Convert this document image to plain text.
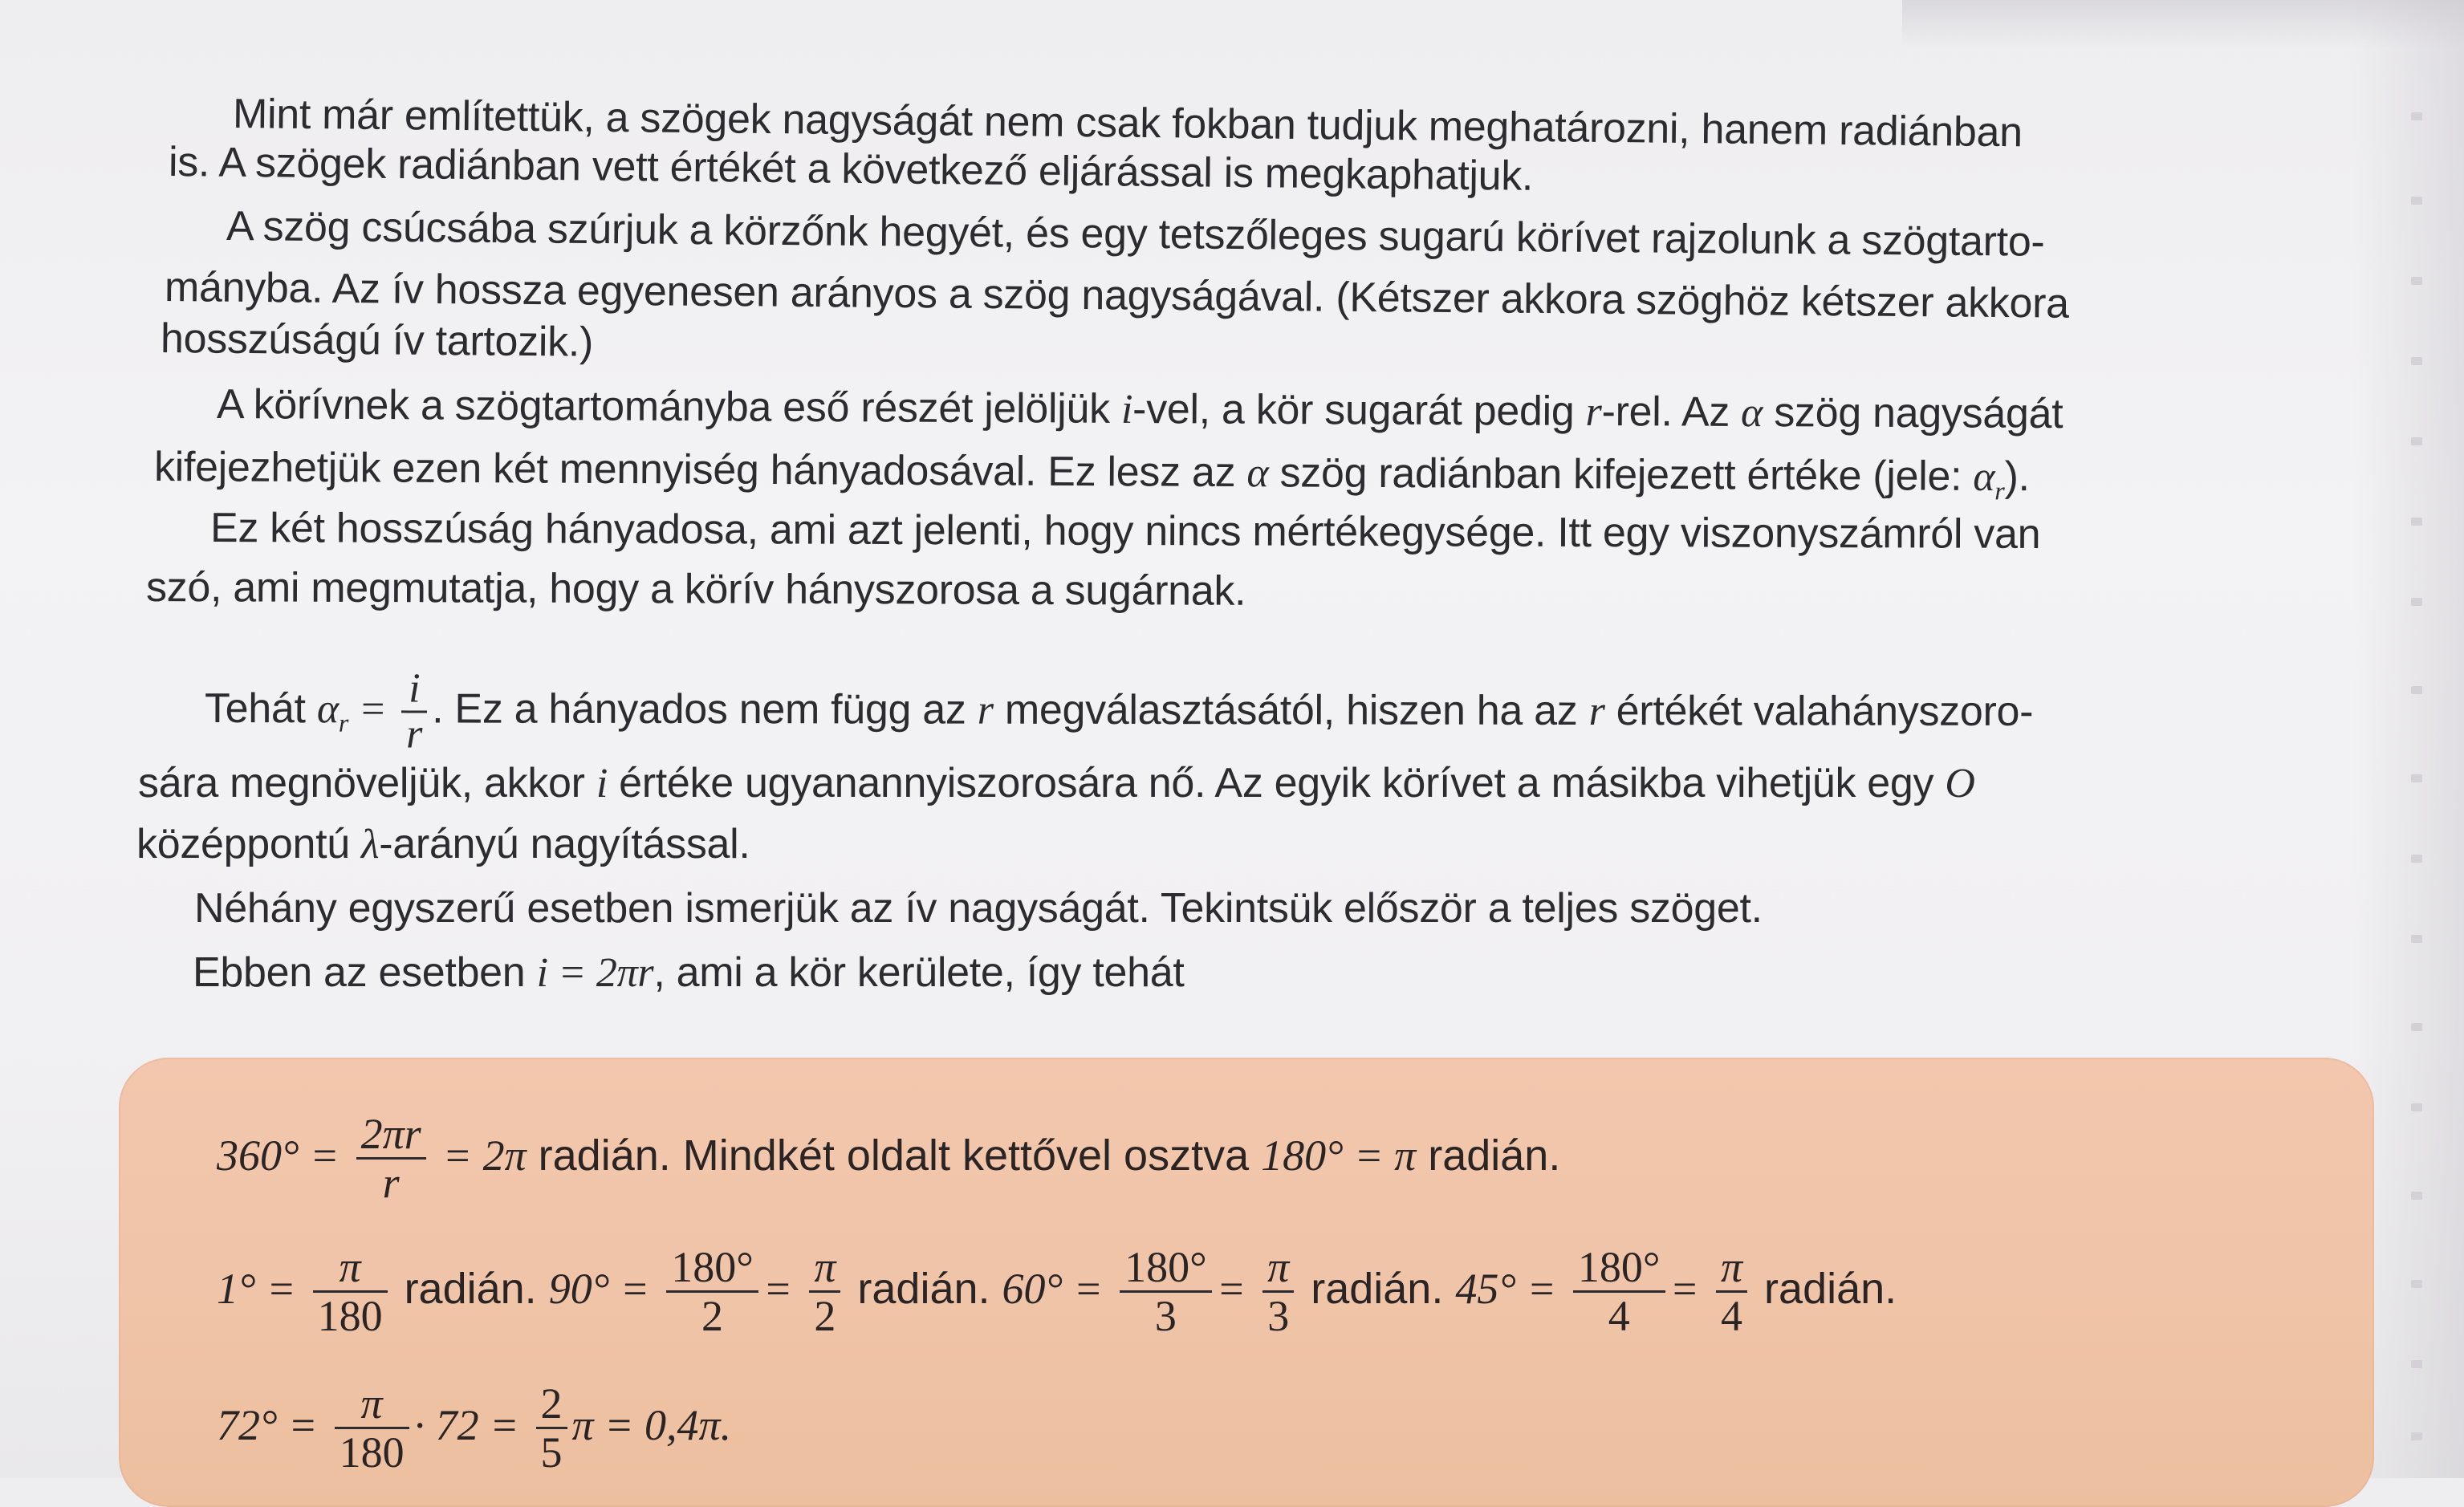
Mint már említettük, a szögek nagyságát nem csak fokban tudjuk meghatározni, hanem radiánban
is. A szögek radiánban vett értékét a következő eljárással is megkaphatjuk.
A szög csúcsába szúrjuk a körzőnk hegyét, és egy tetszőleges sugarú körívet rajzolunk a szögtarto-
mányba. Az ív hossza egyenesen arányos a szög nagyságával. (Kétszer akkora szöghöz kétszer akkora
hosszúságú ív tartozik.)
A körívnek a szögtartományba eső részét jelöljük i-vel, a kör sugarát pedig r-rel. Az α szög nagyságát
kifejezhetjük ezen két mennyiség hányadosával. Ez lesz az α szög radiánban kifejezett értéke (jele: $\alpha_r$).
Ez két hosszúság hányadosa, ami azt jelenti, hogy nincs mértékegysége. Itt egy viszonyszámról van
szó, ami megmutatja, hogy a körív hányszorosa a sugárnak.
Tehát $\alpha_r = \frac{i}{r}$ . Ez a hányados nem függ az r megválasztásától, hiszen ha az r értékét valahányszoro-
sára megnöveljük, akkor i értéke ugyanannyiszorosára nő. Az egyik körívet a másikba vihetjük egy O
középpontú λ-arányú nagyítással.
Néhány egyszerű esetben ismerjük az ív nagyságát. Tekintsük először a teljes szöget.
Ebben az esetben i = 2πr, ami a kör kerülete, így tehát
$360^\circ = \frac{2\pi r}{r} = 2\pi$ radián. Mindkét oldalt kettővel osztva 180° = π radián.
$1^\circ = \frac{\pi}{180}$ radián. $90^\circ = \frac{180^\circ}{2} = \frac{\pi}{2}$ radián. $60^\circ = \frac{180^\circ}{3} = \frac{\pi}{3}$ radián. $45^\circ = \frac{180^\circ}{4} = \frac{\pi}{4}$ radián.
$72^\circ = \frac{\pi}{180} \cdot 72 = \frac{2}{5}$ π = 0,4π.
